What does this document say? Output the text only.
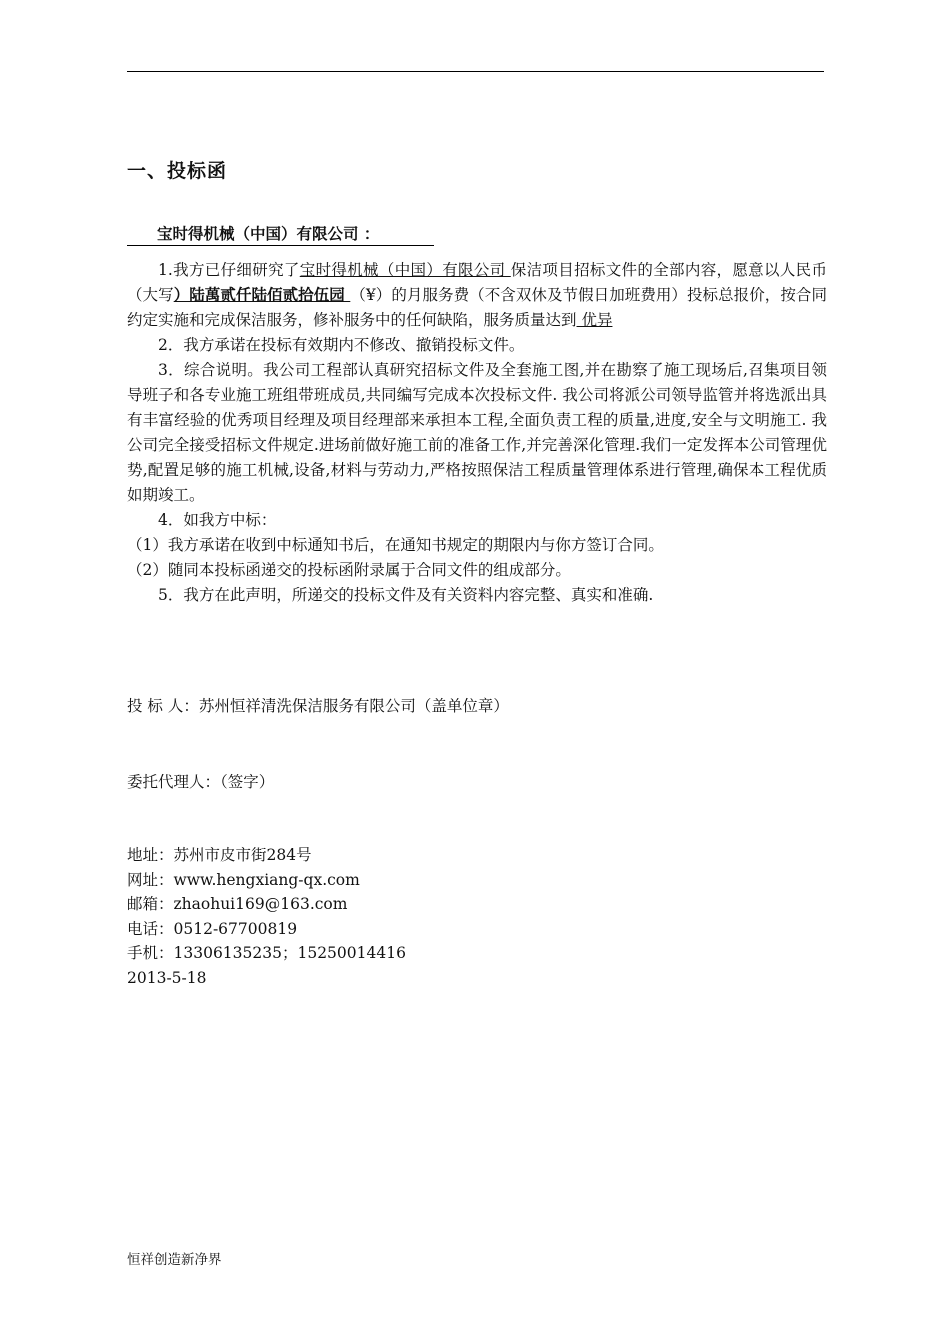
一、投标函
宝时得机械（中国）有限公司 ：

1.我方已仔细研究了宝时得机械（中国）有限公司 保洁项目招标文件的全部内容，愿意以人民币（大写）陆萬贰仟陆佰贰拾伍园 （¥）的月服务费（不含双休及节假日加班费用）投标总报价，按合同约定实施和完成保洁服务，修补服务中的任何缺陷，服务质量达到 优异

2．我方承诺在投标有效期内不修改、撤销投标文件。

3．综合说明。我公司工程部认真研究招标文件及全套施工图,并在勘察了施工现场后,召集项目领导班子和各专业施工班组带班成员,共同编写完成本次投标文件. 我公司将派公司领导监管并将选派出具有丰富经验的优秀项目经理及项目经理部来承担本工程,全面负责工程的质量,进度,安全与文明施工. 我公司完全接受招标文件规定.进场前做好施工前的准备工作,并完善深化管理.我们一定发挥本公司管理优势,配置足够的施工机械,设备,材料与劳动力,严格按照保洁工程质量管理体系进行管理,确保本工程优质如期竣工。

4．如我方中标：

（1）我方承诺在收到中标通知书后，在通知书规定的期限内与你方签订合同。

（2）随同本投标函递交的投标函附录属于合同文件的组成部分。

5．我方在此声明，所递交的投标文件及有关资料内容完整、真实和准确.

投 标 人：苏州恒祥清洗保洁服务有限公司（盖单位章）
委托代理人：（签字）
地址：苏州市皮市街284号
网址：www.hengxiang-qx.com
邮箱：zhaohui169@163.com
电话：0512-67700819
手机：13306135235；15250014416
2013-5-18
恒祥创造新净界
